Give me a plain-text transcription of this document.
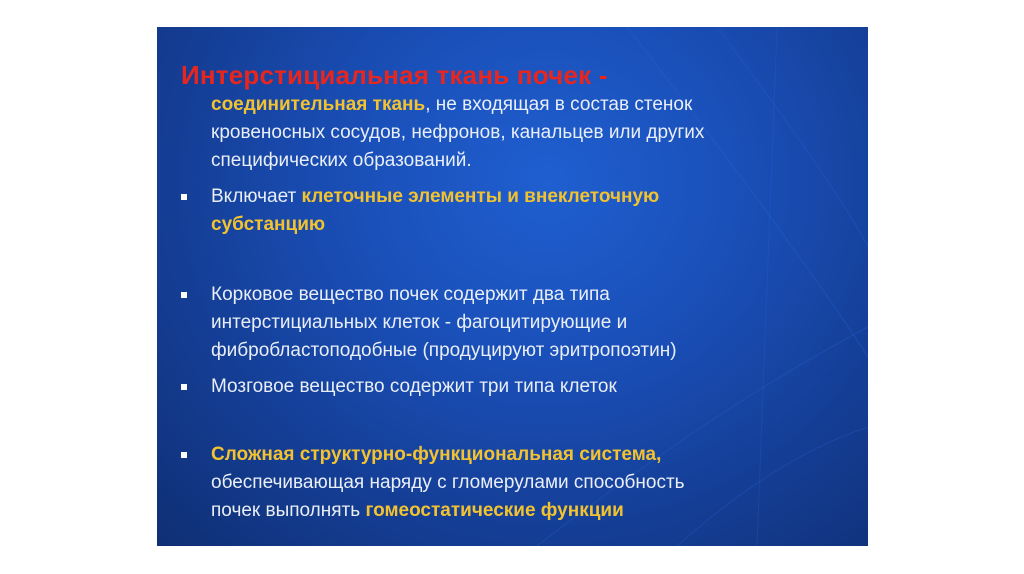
Интерстициальная ткань почек -
соединительная ткань, не входящая в состав стенок
кровеносных сосудов, нефронов, канальцев или других
специфических образований.
Включает клеточные элементы и внеклеточную
субстанцию
Корковое вещество почек содержит два типа
интерстициальных клеток - фагоцитирующие и
фибробластоподобные (продуцируют эритропоэтин)
Мозговое вещество содержит три типа клеток
Сложная структурно-функциональная система,
обеспечивающая наряду с гломерулами способность
почек выполнять гомеостатические функции
